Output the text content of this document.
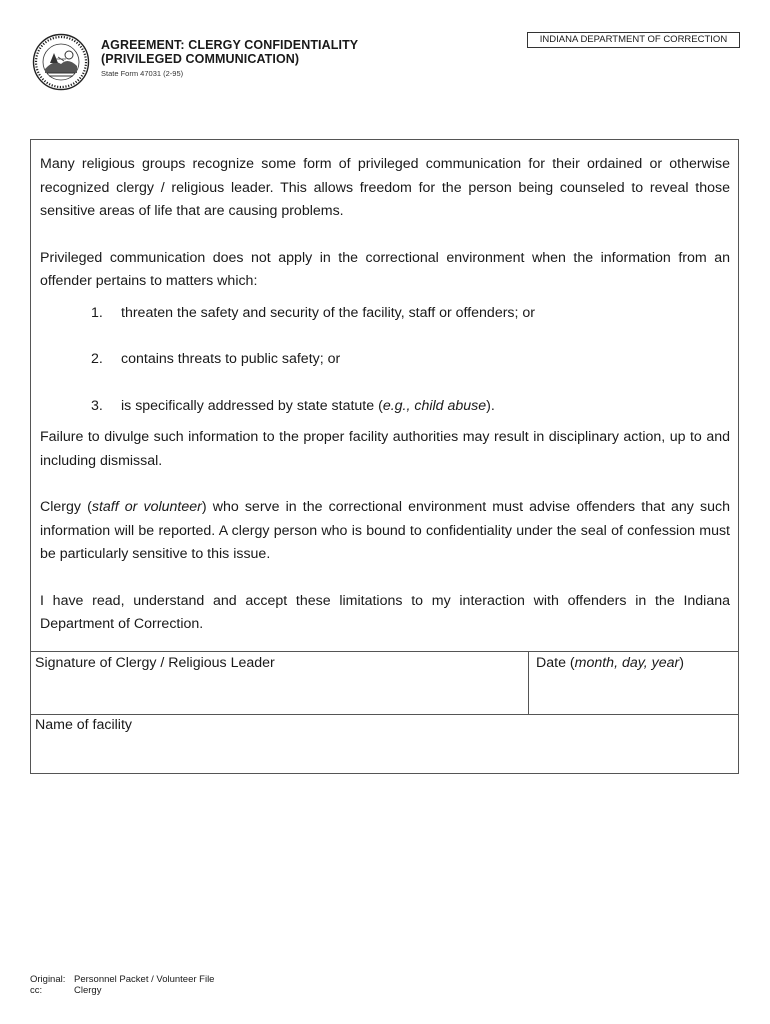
AGREEMENT: CLERGY CONFIDENTIALITY
(PRIVILEGED COMMUNICATION)
State Form 47031 (2-95)
INDIANA DEPARTMENT OF CORRECTION

Many religious groups recognize some form of privileged communication for their ordained or otherwise recognized clergy / religious leader. This allows freedom for the person being counseled to reveal those sensitive areas of life that are causing problems.

Privileged communication does not apply in the correctional environment when the information from an offender pertains to matters which:

1. threaten the safety and security of the facility, staff or offenders; or
2. contains threats to public safety; or
3. is specifically addressed by state statute (e.g., child abuse).

Failure to divulge such information to the proper facility authorities may result in disciplinary action, up to and including dismissal.

Clergy (staff or volunteer) who serve in the correctional environment must advise offenders that any such information will be reported. A clergy person who is bound to confidentiality under the seal of confession must be particularly sensitive to this issue.

I have read, understand and accept these limitations to my interaction with offenders in the Indiana Department of Correction.

Signature of Clergy / Religious Leader	Date (month, day, year)
Name of facility
Original: Personnel Packet / Volunteer File
cc:	Clergy
